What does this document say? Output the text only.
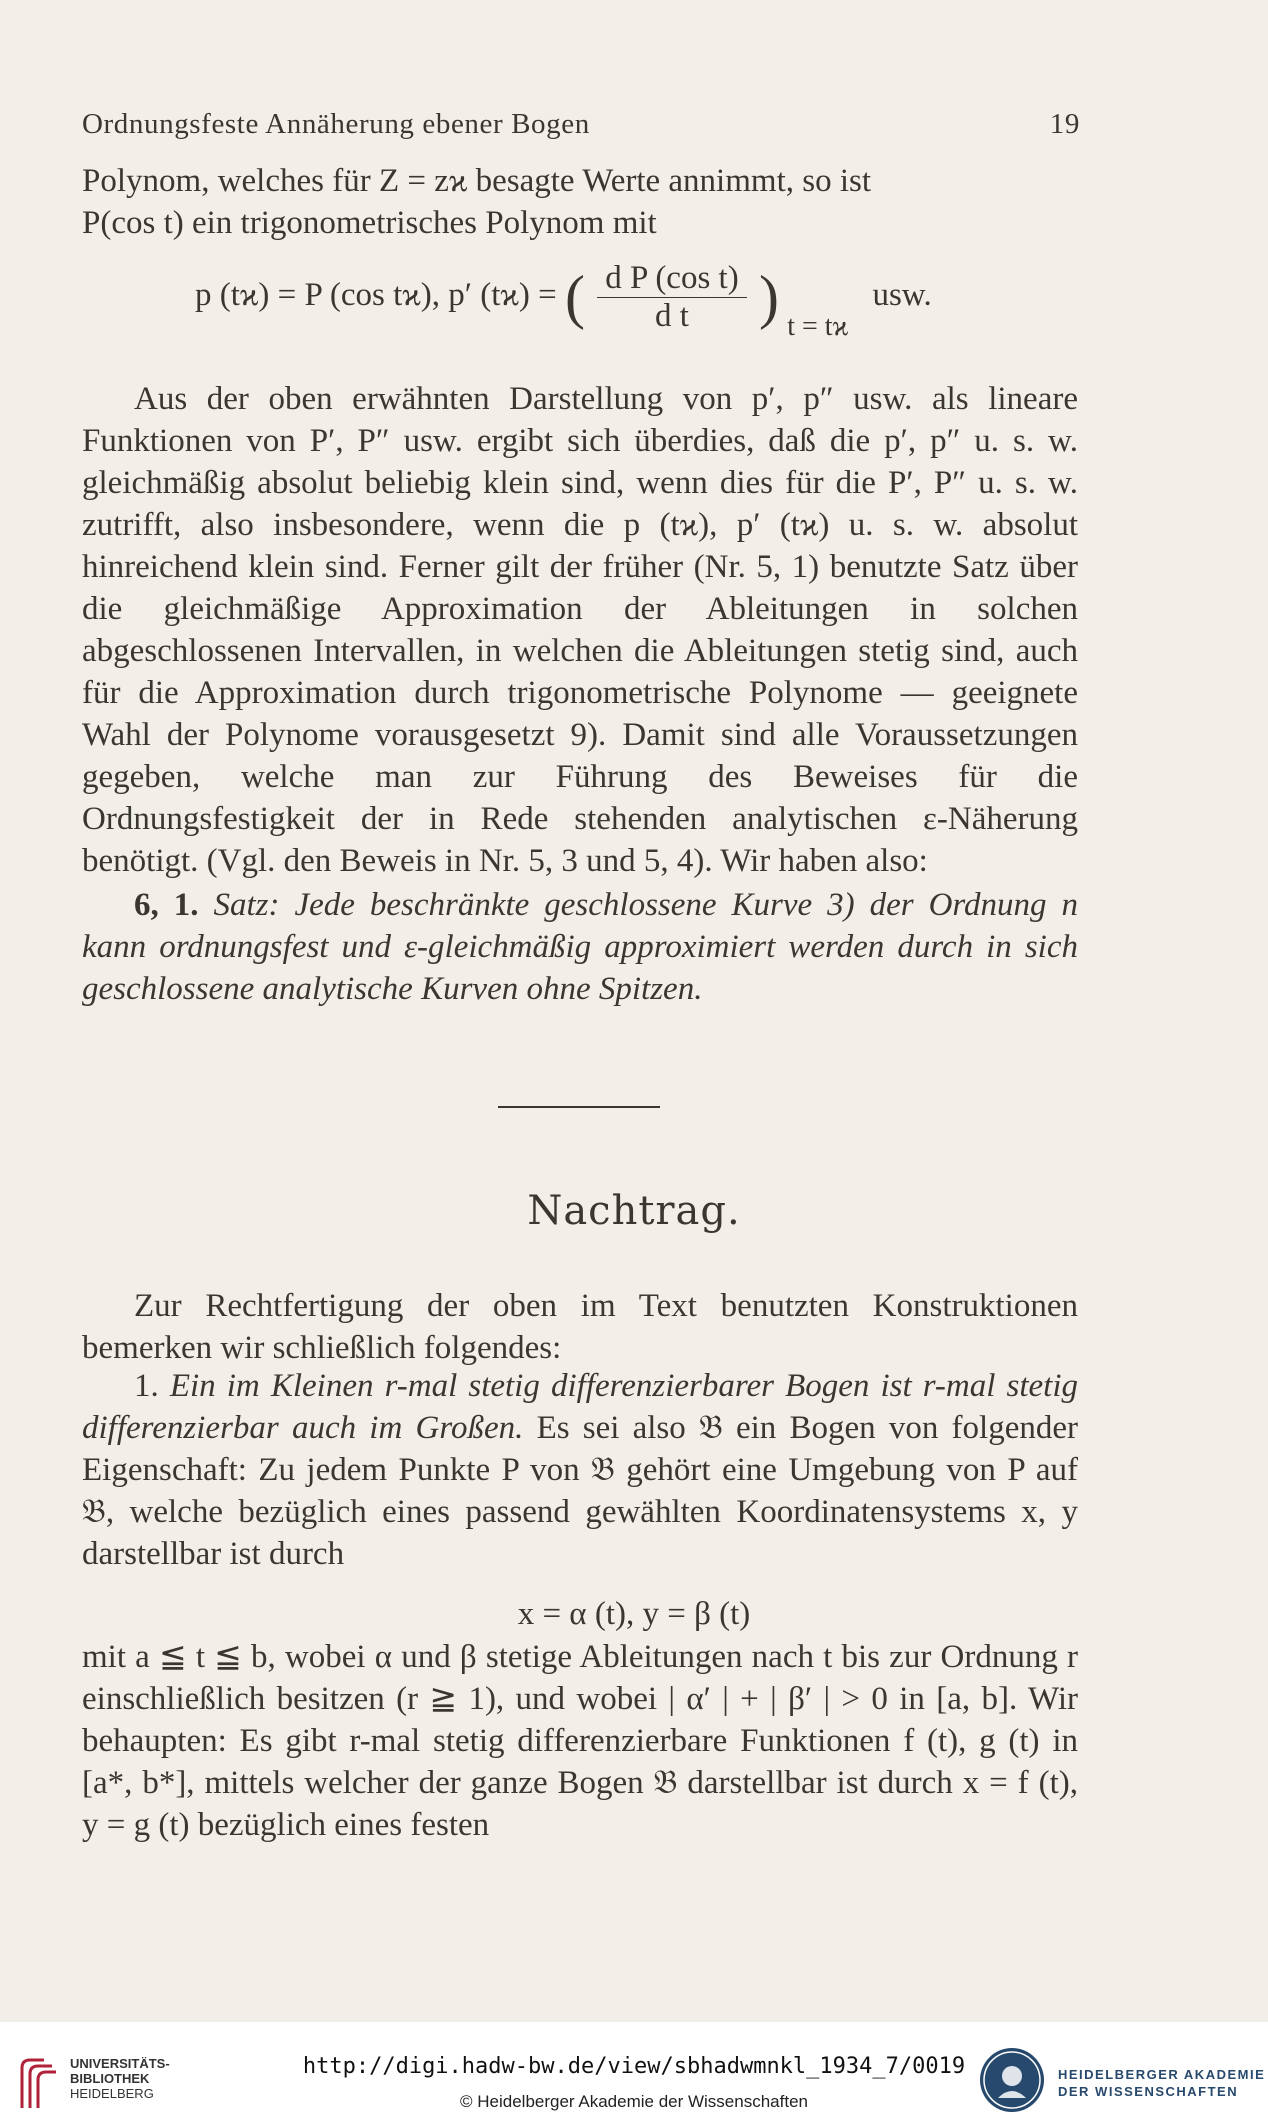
Ordnungsfeste Annäherung ebener Bogen	19

Polynom, welches für Z = zϰ besagte Werte annimmt, so ist

P(cos t) ein trigonometrisches Polynom mit

p (tϰ) = P (cos tϰ), p′ (tϰ) = ( $\frac{\text{d P (cos t)}}{\text{d t}}$ ) $_{t = tϰ}$ usw.

Aus der oben erwähnten Darstellung von p′, p″ usw. als lineare Funktionen von P′, P″ usw. ergibt sich überdies, daß die p′, p″ u. s. w. gleichmäßig absolut beliebig klein sind, wenn dies für die P′, P″ u. s. w. zutrifft, also insbesondere, wenn die p (tϰ), p′ (tϰ) u. s. w. absolut hinreichend klein sind. Ferner gilt der früher (Nr. 5, 1) benutzte Satz über die gleichmäßige Approximation der Ableitungen in solchen abgeschlossenen Intervallen, in welchen die Ableitungen stetig sind, auch für die Approximation durch trigonometrische Polynome — geeignete Wahl der Polynome vorausgesetzt 9). Damit sind alle Voraussetzungen gegeben, welche man zur Führung des Beweises für die Ordnungsfestigkeit der in Rede stehenden analytischen ε-Näherung benötigt. (Vgl. den Beweis in Nr. 5, 3 und 5, 4). Wir haben also:

6, 1. Satz: Jede beschränkte geschlossene Kurve 3) der Ordnung n kann ordnungsfest und ε-gleichmäßig approximiert werden durch in sich geschlossene analytische Kurven ohne Spitzen.

Nachtrag.

Zur Rechtfertigung der oben im Text benutzten Konstruktionen bemerken wir schließlich folgendes:

1. Ein im Kleinen r-mal stetig differenzierbarer Bogen ist r-mal stetig differenzierbar auch im Großen. Es sei also 𝔅 ein Bogen von folgender Eigenschaft: Zu jedem Punkte P von 𝔅 gehört eine Umgebung von P auf 𝔅, welche bezüglich eines passend gewählten Koordinatensystems x, y darstellbar ist durch

x = α (t), y = β (t)

mit a ≦ t ≦ b, wobei α und β stetige Ableitungen nach t bis zur Ordnung r einschließlich besitzen (r ≧ 1), und wobei | α′ | + | β′ | > 0 in [a, b]. Wir behaupten: Es gibt r-mal stetig differenzierbare Funktionen f (t), g (t) in [a*, b*], mittels welcher der ganze Bogen 𝔅 darstellbar ist durch x = f (t), y = g (t) bezüglich eines festen

UNIVERSITÄTS-
BIBLIOTHEK
HEIDELBERG
http://digi.hadw-bw.de/view/sbhadwmnkl_1934_7/0019
© Heidelberger Akademie der Wissenschaften
HEIDELBERGER AKADEMIE
DER WISSENSCHAFTEN
